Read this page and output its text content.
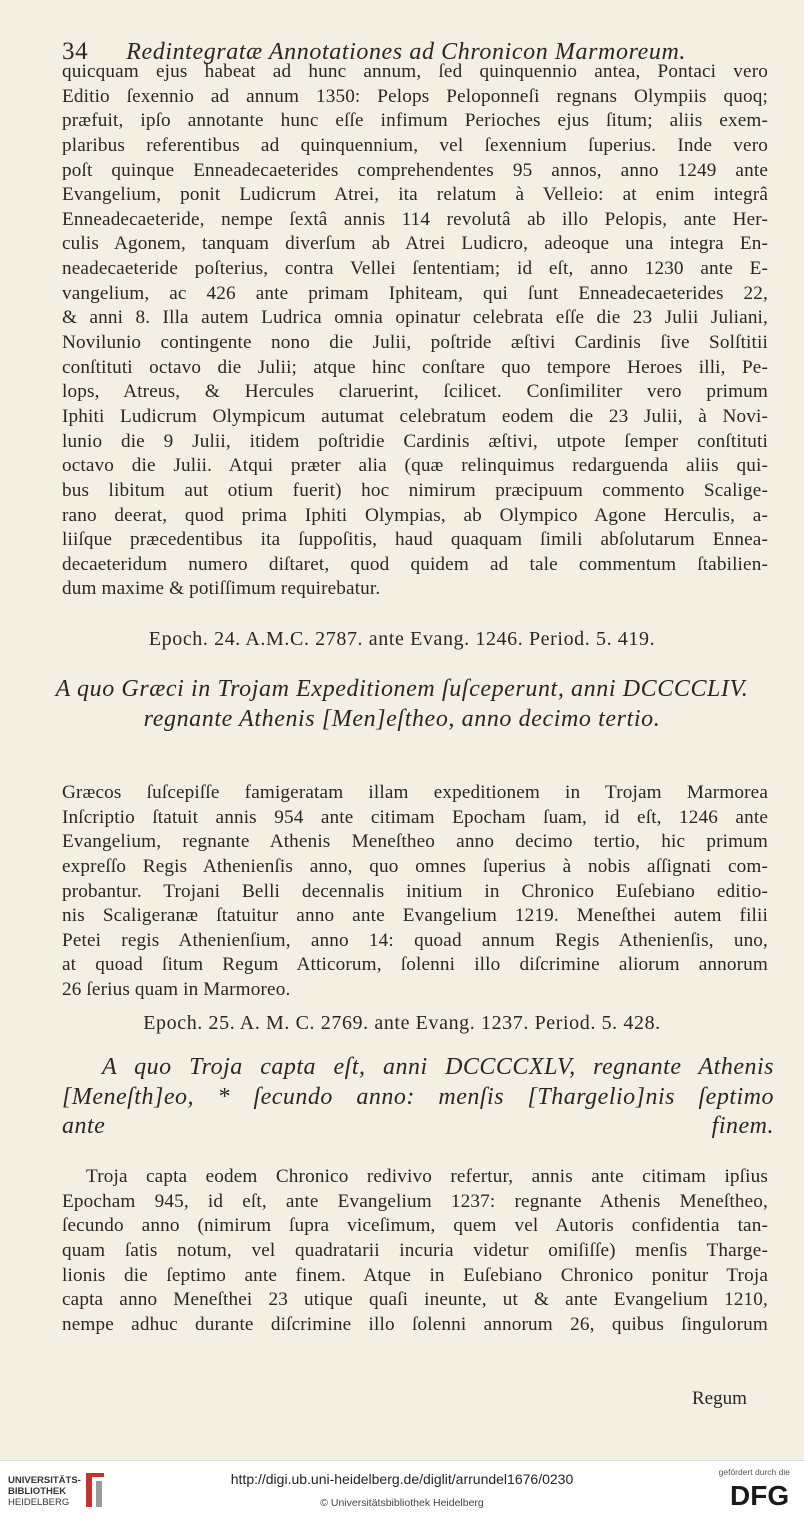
34 Redintegratæ Annotationes ad Chronicon Marmoreum.
quicquam ejus habeat ad hunc annum, ſed quinquennio antea, Pontaci vero
Editio ſexennio ad annum 1350: Pelops Peloponneſi regnans Olympiis quoq;
præfuit, ipſo annotante hunc eſſe infimum Perioches ejus ſitum; aliis exem-
plaribus referentibus ad quinquennium, vel ſexennium ſuperius. Inde vero
poſt quinque Enneadecaeterides comprehendentes 95 annos, anno 1249 ante
Evangelium, ponit Ludicrum Atrei, ita relatum à Velleio: at enim integrâ
Enneadecaeteride, nempe ſextâ annis 114 revolutâ ab illo Pelopis, ante Her-
culis Agonem, tanquam diverſum ab Atrei Ludicro, adeoque una integra En-
neadecaeteride poſterius, contra Vellei ſententiam; id eſt, anno 1230 ante E-
vangelium, ac 426 ante primam Iphiteam, qui ſunt Enneadecaeterides 22,
& anni 8. Illa autem Ludrica omnia opinatur celebrata eſſe die 23 Julii Juliani,
Novilunio contingente nono die Julii, poſtride æſtivi Cardinis ſive Solſtitii
conſtituti octavo die Julii; atque hinc conſtare quo tempore Heroes illi, Pe-
lops, Atreus, & Hercules claruerint, ſcilicet. Conſimiliter vero primum
Iphiti Ludicrum Olympicum autumat celebratum eodem die 23 Julii, à Novi-
lunio die 9 Julii, itidem poſtridie Cardinis æſtivi, utpote ſemper conſtituti
octavo die Julii. Atqui præter alia (quæ relinquimus redarguenda aliis qui-
bus libitum aut otium fuerit) hoc nimirum præcipuum commento Scalige-
rano deerat, quod prima Iphiti Olympias, ab Olympico Agone Herculis, a-
liiſque præcedentibus ita ſuppoſitis, haud quaquam ſimili abſolutarum Ennea-
decaeteridum numero diſtaret, quod quidem ad tale commentum ſtabilien-
dum maxime & potiſſimum requirebatur.
Epoch. 24. A.M.C. 2787. ante Evang. 1246. Period. 5. 419.
A quo Græci in Trojam Expeditionem ſuſceperunt, anni DCCCCLIV.
regnante Athenis [Men]eſtheo, anno decimo tertio.
Græcos ſuſcepiſſe famigeratam illam expeditionem in Trojam Marmorea
Inſcriptio ſtatuit annis 954 ante citimam Epocham ſuam, id eſt, 1246 ante
Evangelium, regnante Athenis Meneſtheo anno decimo tertio, hic primum
expreſſo Regis Athenienſis anno, quo omnes ſuperius à nobis aſſignati com-
probantur. Trojani Belli decennalis initium in Chronico Euſebiano editio-
nis Scaligeranæ ſtatuitur anno ante Evangelium 1219. Meneſthei autem filii
Petei regis Athenienſium, anno 14: quoad annum Regis Athenienſis, uno,
at quoad ſitum Regum Atticorum, ſolenni illo diſcrimine aliorum annorum
26 ſerius quam in Marmoreo.
Epoch. 25. A. M. C. 2769. ante Evang. 1237. Period. 5. 428.
A quo Troja capta eſt, anni DCCCCXLV, regnante Athenis
[Meneſth]eo, * ſecundo anno: menſis [Thargelio]nis ſeptimo
ante finem.
Troja capta eodem Chronico redivivo refertur, annis ante citimam ipſius
Epocham 945, id eſt, ante Evangelium 1237: regnante Athenis Meneſtheo,
ſecundo anno (nimirum ſupra viceſimum, quem vel Autoris confidentia tan-
quam ſatis notum, vel quadratarii incuria videtur omiſiſſe) menſis Tharge-
lionis die ſeptimo ante finem. Atque in Euſebiano Chronico ponitur Troja
capta anno Meneſthei 23 utique quaſi ineunte, ut & ante Evangelium 1210,
nempe adhuc durante diſcrimine illo ſolenni annorum 26, quibus ſingulorum
Regum
UNIVERSITÄTS-
BIBLIOTHEK
HEIDELBERG
http://digi.ub.uni-heidelberg.de/diglit/arrundel1676/0230
© Universitätsbibliothek Heidelberg
gefördert durch die
DFG
